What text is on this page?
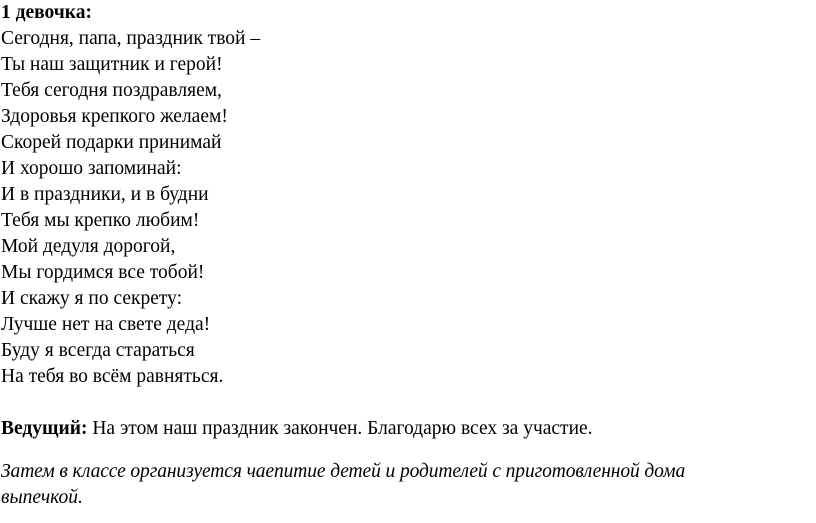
1 девочка:
Сегодня, папа, праздник твой –
Ты наш защитник и герой!
Тебя сегодня поздравляем,
Здоровья крепкого желаем!
Скорей подарки принимай
И хорошо запоминай:
И в праздники, и в будни
Тебя мы крепко любим!
Мой дедуля дорогой,
Мы гордимся все тобой!
И скажу я по секрету:
Лучше нет на свете деда!
Буду я всегда стараться
На тебя во всём равняться.
Ведущий: На этом наш праздник закончен. Благодарю всех за участие.
Затем в классе организуется чаепитие детей и родителей с приготовленной дома
выпечкой.
